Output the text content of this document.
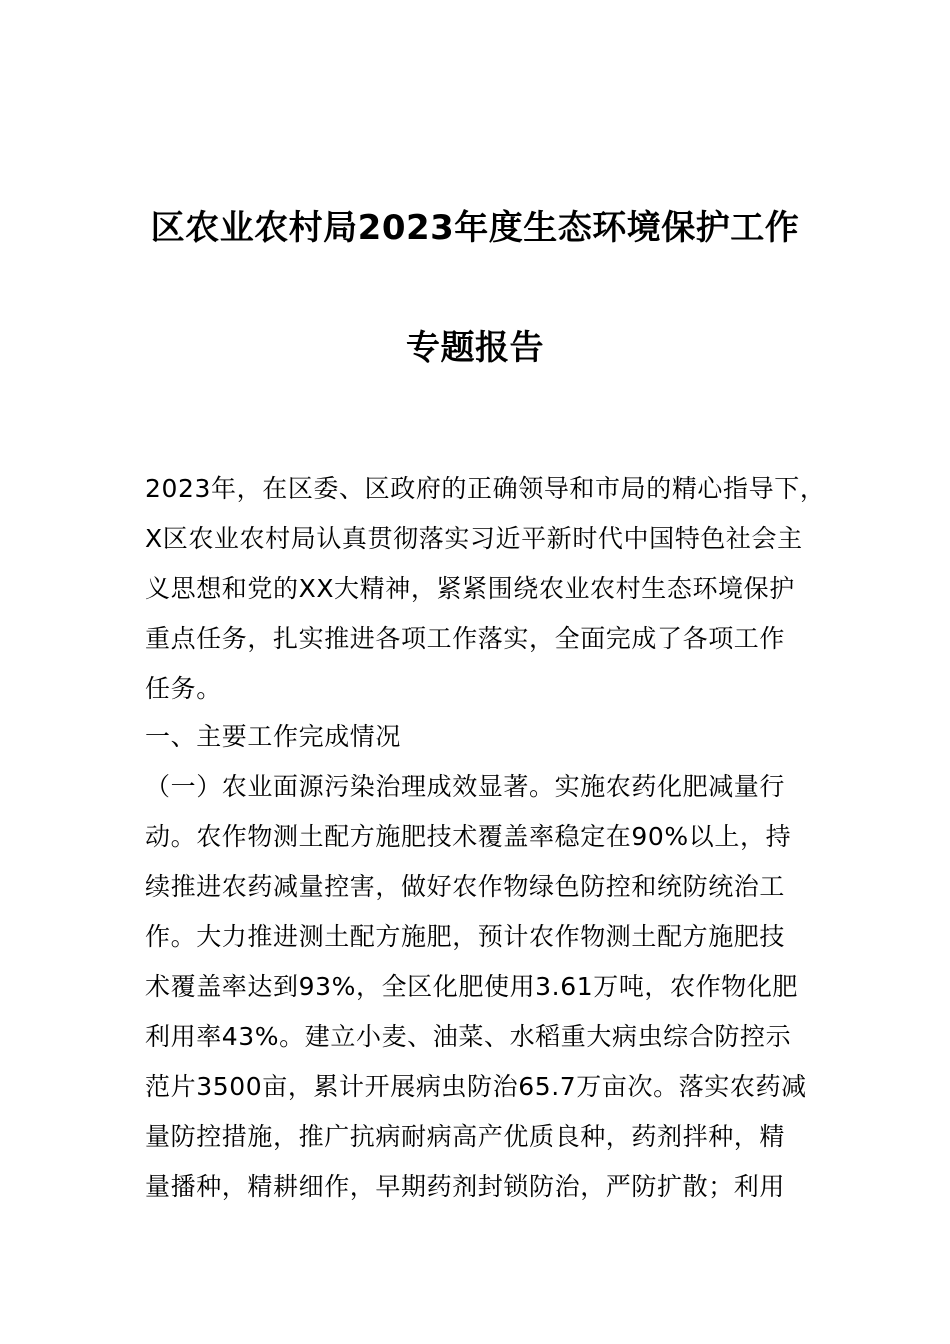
区农业农村局2023年度生态环境保护工作
专题报告
2023年，在区委、区政府的正确领导和市局的精心指导下，
X区农业农村局认真贯彻落实习近平新时代中国特色社会主
义思想和党的XX大精神，紧紧围绕农业农村生态环境保护
重点任务，扎实推进各项工作落实，全面完成了各项工作
任务。
一、主要工作完成情况
（一）农业面源污染治理成效显著。实施农药化肥减量行
动。农作物测土配方施肥技术覆盖率稳定在90%以上，持
续推进农药减量控害，做好农作物绿色防控和统防统治工
作。大力推进测土配方施肥，预计农作物测土配方施肥技
术覆盖率达到93%，全区化肥使用3.61万吨，农作物化肥
利用率43%。建立小麦、油菜、水稻重大病虫综合防控示
范片3500亩，累计开展病虫防治65.7万亩次。落实农药减
量防控措施，推广抗病耐病高产优质良种，药剂拌种，精
量播种，精耕细作，早期药剂封锁防治，严防扩散；利用
